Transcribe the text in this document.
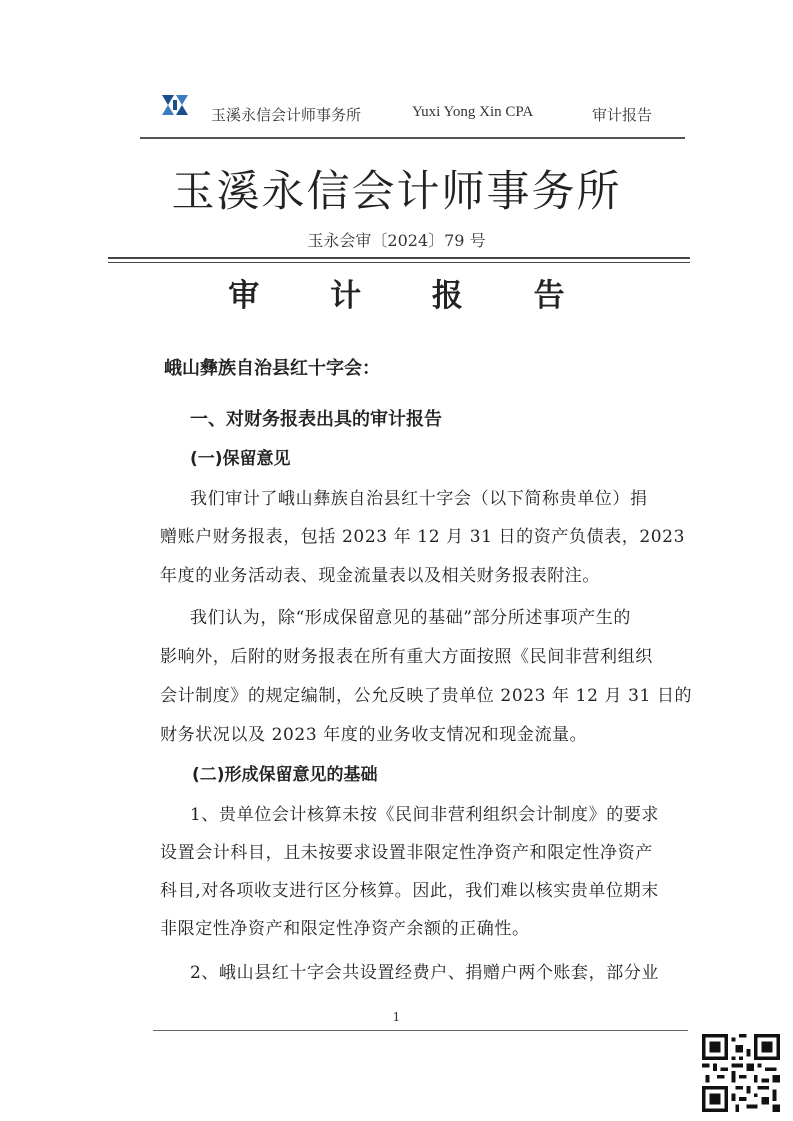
玉溪永信会计师事务所	Yuxi Yong Xin CPA	审计报告
玉溪永信会计师事务所
玉永会审〔2024〕79 号
审 计 报 告
峨山彝族自治县红十字会：
一、对财务报表出具的审计报告
(一)保留意见
我们审计了峨山彝族自治县红十字会（以下简称贵单位）捐
赠账户财务报表，包括 2023 年 12 月 31 日的资产负债表，2023
年度的业务活动表、现金流量表以及相关财务报表附注。
我们认为，除“形成保留意见的基础”部分所述事项产生的
影响外，后附的财务报表在所有重大方面按照《民间非营利组织
会计制度》的规定编制，公允反映了贵单位 2023 年 12 月 31 日的
财务状况以及 2023 年度的业务收支情况和现金流量。
(二)形成保留意见的基础
1、贵单位会计核算未按《民间非营利组织会计制度》的要求
设置会计科目，且未按要求设置非限定性净资产和限定性净资产
科目,对各项收支进行区分核算。因此，我们难以核实贵单位期末
非限定性净资产和限定性净资产余额的正确性。
2、峨山县红十字会共设置经费户、捐赠户两个账套，部分业
1
